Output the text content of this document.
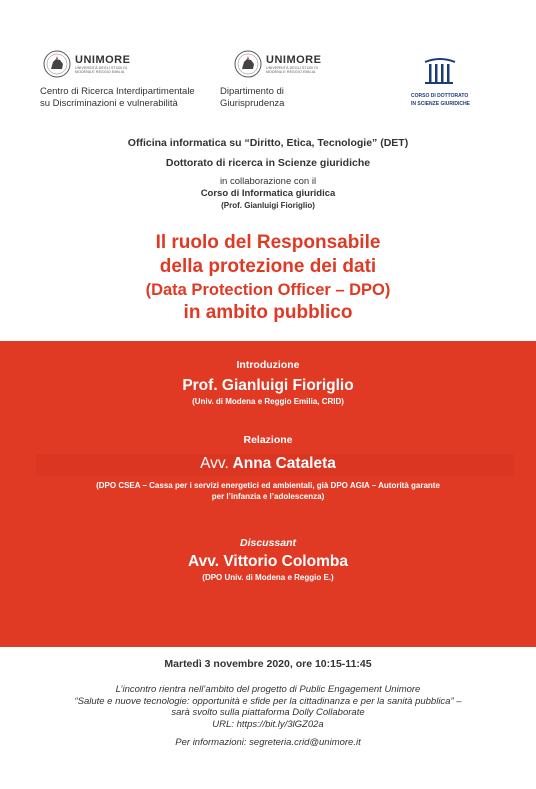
UNIMORE
UNIVERSITÀ DEGLI STUDI DI
MODENA E REGGIO EMILIA
Centro di Ricerca Interdipartimentale
su Discriminazioni e vulnerabilità
UNIMORE
UNIVERSITÀ DEGLI STUDI DI
MODENA E REGGIO EMILIA
Dipartimento di
Giurisprudenza
CORSO DI DOTTORATO
IN SCIENZE GIURIDICHE
Officina informatica su “Diritto, Etica, Tecnologie” (DET)
Dottorato di ricerca in Scienze giuridiche
in collaborazione con il
Corso di Informatica giuridica
(Prof. Gianluigi Fioriglio)
Il ruolo del Responsabile
della protezione dei dati
(Data Protection Officer – DPO)
in ambito pubblico
Introduzione
Prof. Gianluigi Fioriglio
(Univ. di Modena e Reggio Emilia, CRID)
Relazione
Avv. Anna Cataleta
(DPO CSEA – Cassa per i servizi energetici ed ambientali, già DPO AGIA – Autorità garante
per l’infanzia e l’adolescenza)
Discussant
Avv. Vittorio Colomba
(DPO Univ. di Modena e Reggio E.)
Martedì 3 novembre 2020, ore 10:15-11:45
L’incontro rientra nell’ambito del progetto di Public Engagement Unimore
“Salute e nuove tecnologie: opportunità e sfide per la cittadinanza e per la sanità pubblica” –
sarà svolto sulla piattaforma Dolly Collaborate
URL: https://bit.ly/3lGZ02a
Per informazioni: segreteria.crid@unimore.it
